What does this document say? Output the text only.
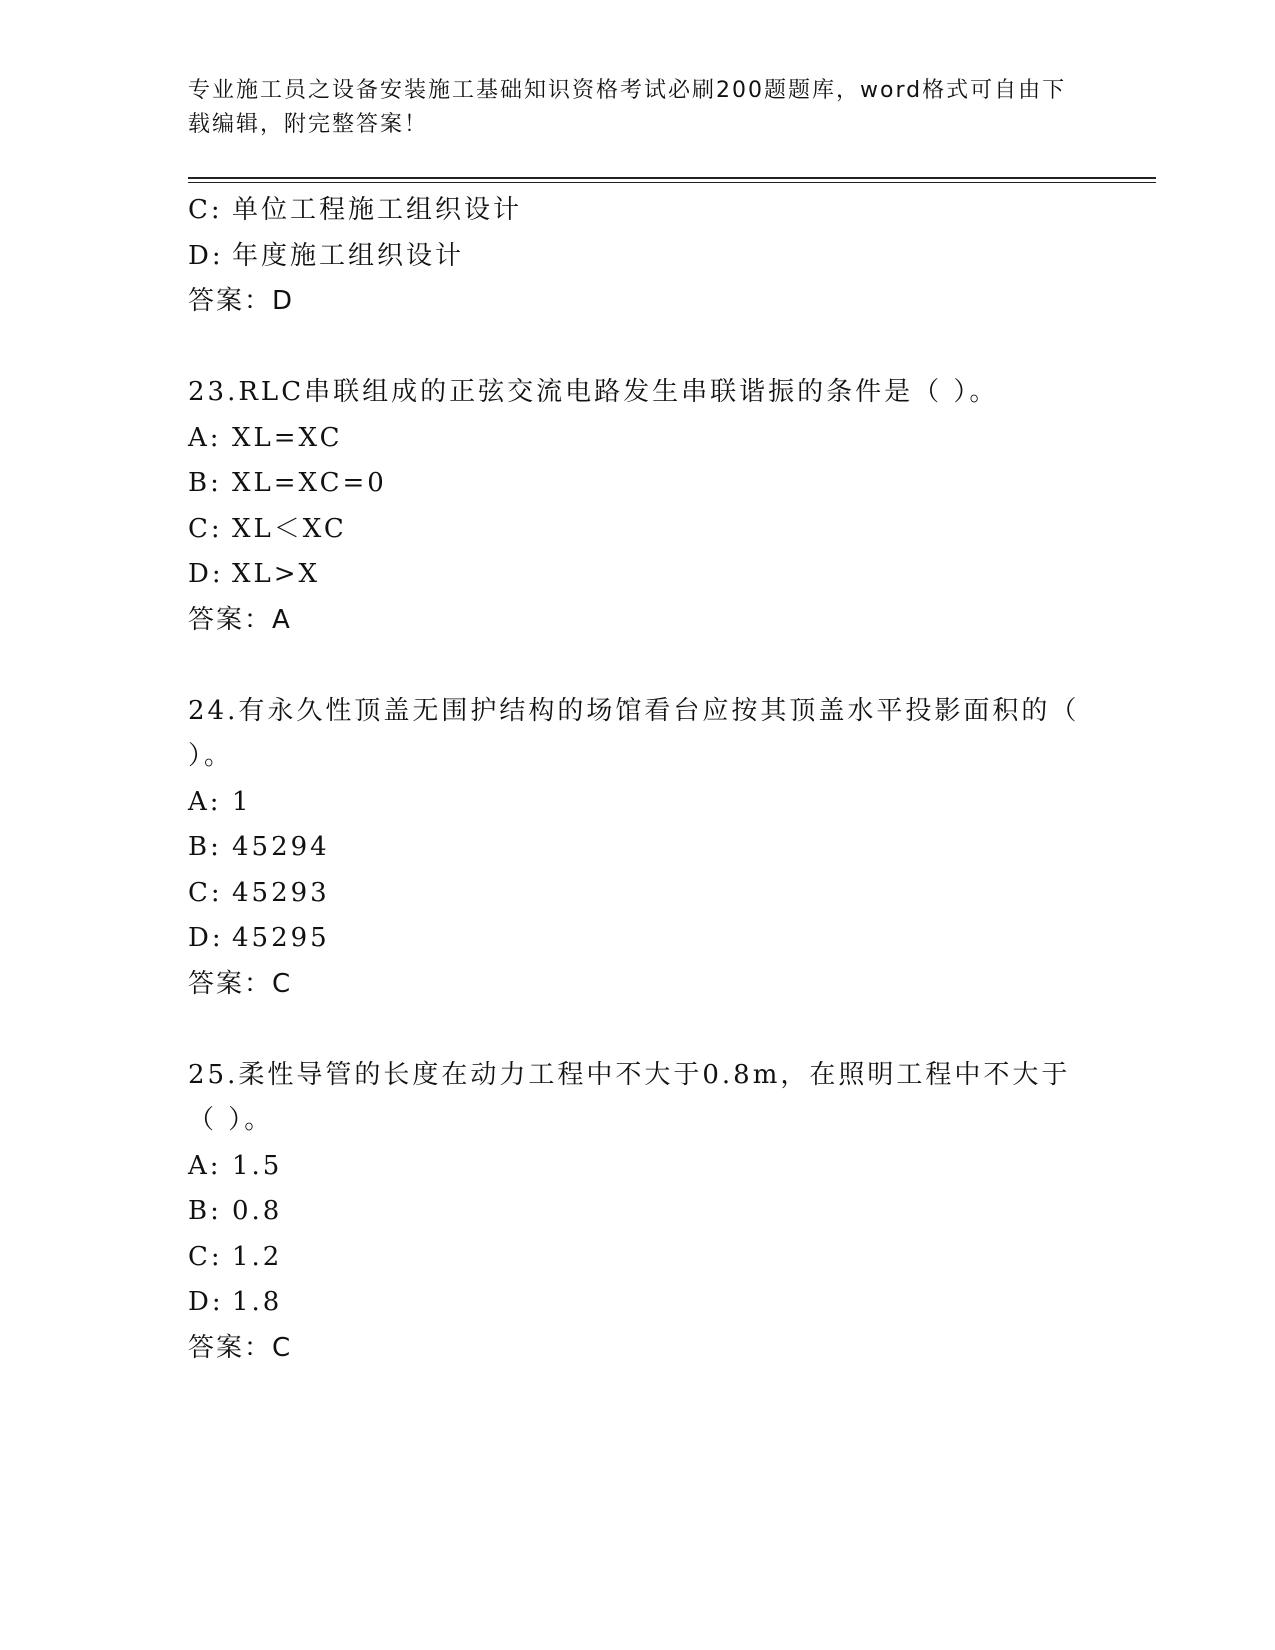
专业施工员之设备安装施工基础知识资格考试必刷200题题库，word格式可自由下载编辑，附完整答案！
C: 单位工程施工组织设计
D: 年度施工组织设计
答案：D
23.RLC串联组成的正弦交流电路发生串联谐振的条件是（ ）。
A: XL=XC
B: XL=XC=0
C: XL＜XC
D: XL>X
答案：A
24.有永久性顶盖无围护结构的场馆看台应按其顶盖水平投影面积的（ ）。
A: 1
B: 45294
C: 45293
D: 45295
答案：C
25.柔性导管的长度在动力工程中不大于0.8m，在照明工程中不大于（ ）。
A: 1.5
B: 0.8
C: 1.2
D: 1.8
答案：C
